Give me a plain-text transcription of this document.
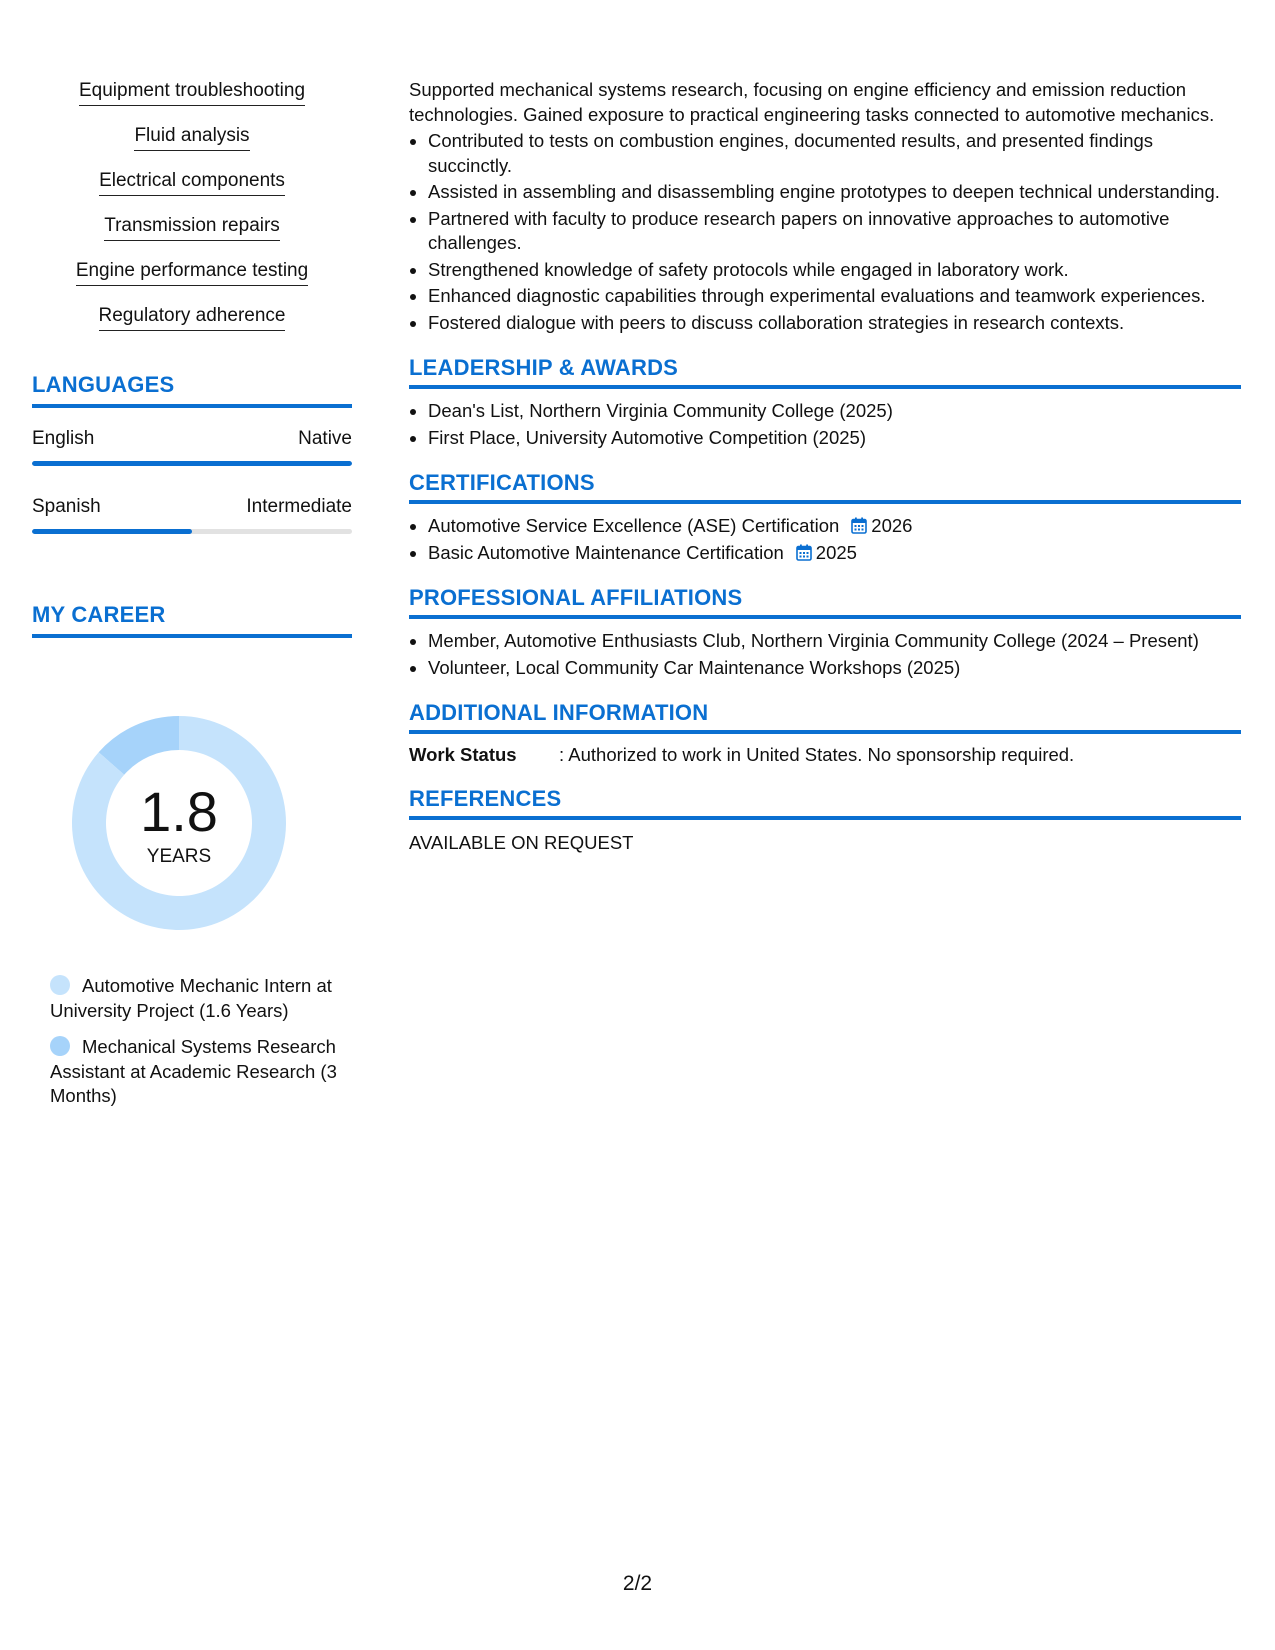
Equipment troubleshooting
Fluid analysis
Electrical components
Transmission repairs
Engine performance testing
Regulatory adherence
LANGUAGES
English	Native
Spanish	Intermediate
MY CAREER
1.8
YEARS
Automotive Mechanic Intern at University Project (1.6 Years)
Mechanical Systems Research Assistant at Academic Research (3 Months)

Supported mechanical systems research, focusing on engine efficiency and emission reduction technologies. Gained exposure to practical engineering tasks connected to automotive mechanics.

• Contributed to tests on combustion engines, documented results, and presented findings succinctly.
• Assisted in assembling and disassembling engine prototypes to deepen technical understanding.
• Partnered with faculty to produce research papers on innovative approaches to automotive challenges.
• Strengthened knowledge of safety protocols while engaged in laboratory work.
• Enhanced diagnostic capabilities through experimental evaluations and teamwork experiences.
• Fostered dialogue with peers to discuss collaboration strategies in research contexts.
LEADERSHIP & AWARDS
• Dean's List, Northern Virginia Community College (2025)
• First Place, University Automotive Competition (2025)
CERTIFICATIONS
• Automotive Service Excellence (ASE) Certification 2026
• Basic Automotive Maintenance Certification 2025
PROFESSIONAL AFFILIATIONS
• Member, Automotive Enthusiasts Club, Northern Virginia Community College (2024 – Present)
• Volunteer, Local Community Car Maintenance Workshops (2025)
ADDITIONAL INFORMATION
Work Status	: Authorized to work in United States. No sponsorship required.
REFERENCES
AVAILABLE ON REQUEST
2/2
